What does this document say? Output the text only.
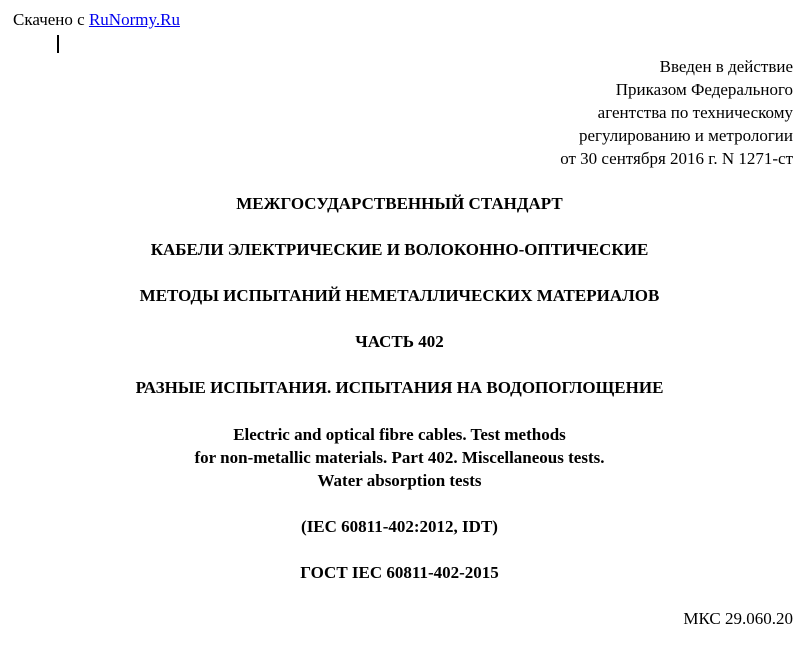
Скачено с RuNormy.Ru
Введен в действие
Приказом Федерального
агентства по техническому
регулированию и метрологии
от 30 сентября 2016 г. N 1271-ст
МЕЖГОСУДАРСТВЕННЫЙ СТАНДАРТ
КАБЕЛИ ЭЛЕКТРИЧЕСКИЕ И ВОЛОКОННО-ОПТИЧЕСКИЕ
МЕТОДЫ ИСПЫТАНИЙ НЕМЕТАЛЛИЧЕСКИХ МАТЕРИАЛОВ
ЧАСТЬ 402
РАЗНЫЕ ИСПЫТАНИЯ. ИСПЫТАНИЯ НА ВОДОПОГЛОЩЕНИЕ
Electric and optical fibre cables. Test methods
for non-metallic materials. Part 402. Miscellaneous tests.
Water absorption tests
(IEC 60811-402:2012, IDT)
ГОСТ IEC 60811-402-2015
МКС 29.060.20
